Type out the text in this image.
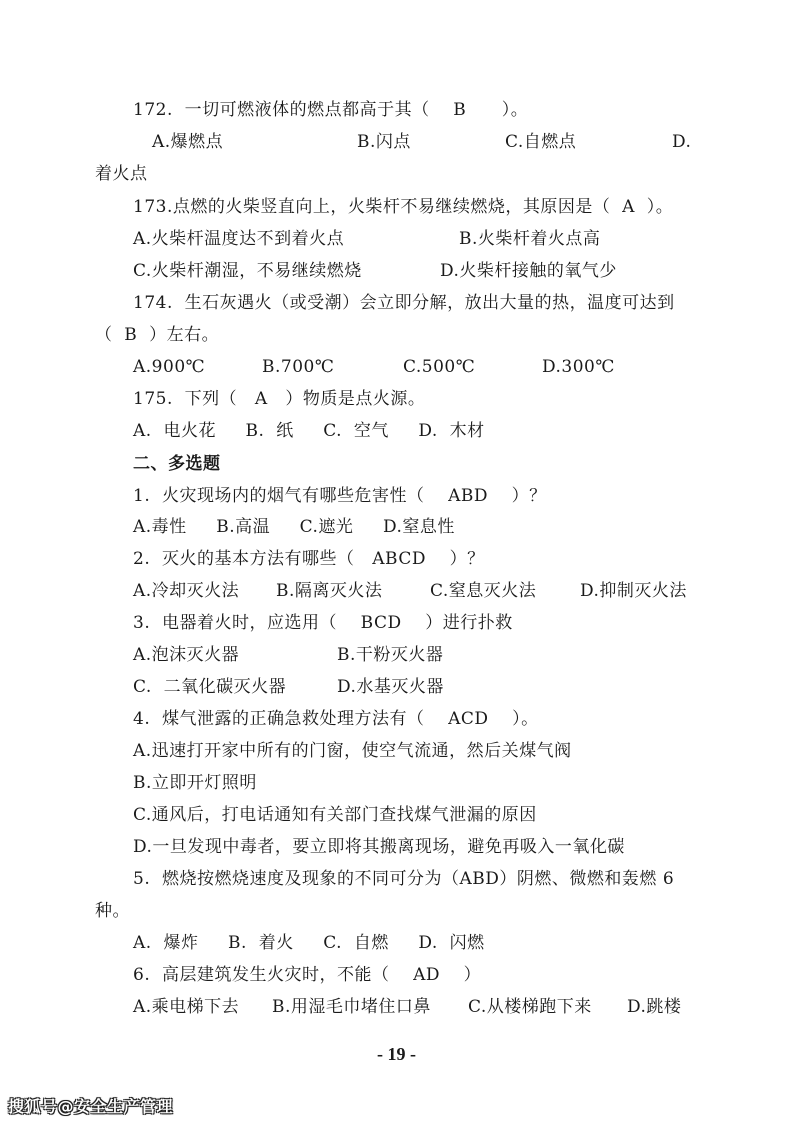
172.  一切可燃液体的燃点都高于其（    B      ）。
A.爆燃点	B.闪点	C.自燃点	D.
着火点
173.点燃的火柴竖直向上，火柴杆不易继续燃烧，其原因是（  A  ）。
A.火柴杆温度达不到着火点	B.火柴杆着火点高
C.火柴杆潮湿，不易继续燃烧	D.火柴杆接触的氧气少
174.  生石灰遇火（或受潮）会立即分解，放出大量的热，温度可达到
（  B  ）左右。
A.900℃	B.700℃	C.500℃	D.300℃
175.  下列（   A   ）物质是点火源。
A.  电火花     B.  纸     C.  空气     D.  木材
二、多选题
1.  火灾现场内的烟气有哪些危害性（    ABD    ）？
A.毒性     B.高温     C.遮光     D.窒息性
2.  灭火的基本方法有哪些（   ABCD    ）？
A.冷却灭火法 B.隔离灭火法	C.窒息灭火法	D.抑制灭火法
3.  电器着火时，应选用（    BCD    ）进行扑救
A.泡沫灭火器	B.干粉灭火器
C.  二氧化碳灭火器	D.水基灭火器
4.  煤气泄露的正确急救处理方法有（    ACD    ）。
A.迅速打开家中所有的门窗，使空气流通，然后关煤气阀
B.立即开灯照明
C.通风后，打电话通知有关部门查找煤气泄漏的原因
D.一旦发现中毒者，要立即将其搬离现场，避免再吸入一氧化碳
5.  燃烧按燃烧速度及现象的不同可分为（ABD）阴燃、微燃和轰燃 6
种。
A.  爆炸     B.  着火     C.  自燃     D.  闪燃
6.  高层建筑发生火灾时，不能（    AD    ）
A.乘电梯下去 B.用湿毛巾堵住口鼻 C.从楼梯跑下来 D.跳楼
- 19 -
搜狐号@安全生产管理
